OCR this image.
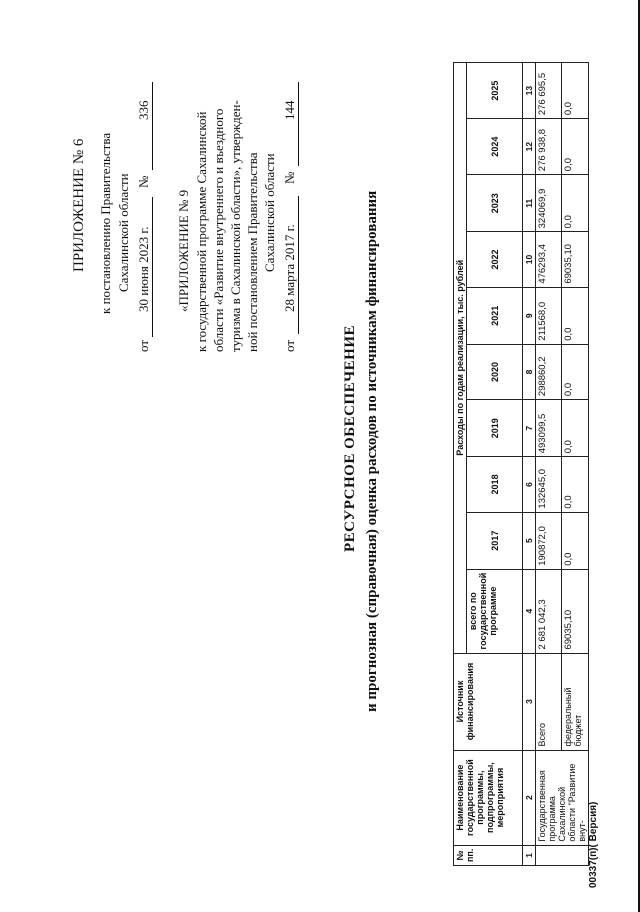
ПРИЛОЖЕНИЕ № 6 к постановлению Правительства Сахалинской области
от
30 июня 2023 г.
№
336
«ПРИЛОЖЕНИЕ № 9 к государственной программе Сахалинской области «Развитие внутреннего и въездного туризма в Сахалинской области», утвержден- ной постановлением Правительства Сахалинской области
от
28 марта 2017 г.
№
144
РЕСУРСНОЕ ОБЕСПЕЧЕНИЕ и прогнозная (справочная) оценка расходов по источникам финансирования
№ пп.	Наименование государственной программы, подпрограммы, мероприятия	Источник финансирования	Расходы по годам реализации, тыс. рублей									
			всего по государственной программе	2017	2018	2019	2020	2021	2022	2023	2024	2025
1	2	3	4	5	6	7	8	9	10	11	12	13
	Государственная программа Сахалинской области "Развитие внут-	Всего	2 681 042,3	190872,0	132645,0	493099,5	298860,2	211568,0	476293,4	324069,9	276 938,8	276 695,5
		федеральный бюджет	69035,10	0,0	0,0	0,0	0,0	0,0	69035,10	0,0	0,0	0,0
00337(п)( Версия)
